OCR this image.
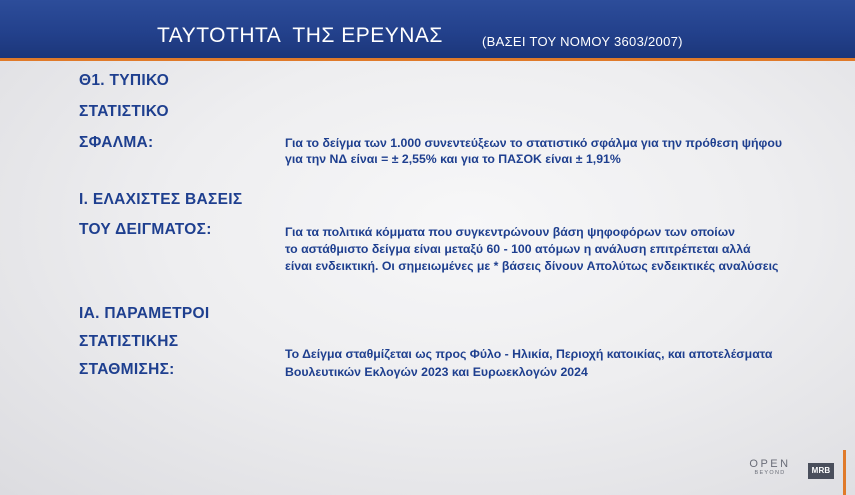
ΤΑΥΤΟΤΗΤΑ  ΤΗΣ ΕΡΕΥΝΑΣ	(ΒΑΣΕΙ ΤΟΥ ΝΟΜΟΥ 3603/2007)
Θ1. ΤΥΠΙΚΟ
ΣΤΑΤΙΣΤΙΚΟ
ΣΦΑΛΜΑ:	Για το δείγμα των 1.000 συνεντεύξεων το στατιστικό σφάλμα για την πρόθεση ψήφου
για την ΝΔ είναι = ± 2,55% και για το ΠΑΣΟΚ είναι ± 1,91%
Ι. ΕΛΑΧΙΣΤΕΣ ΒΑΣΕΙΣ
ΤΟΥ ΔΕΙΓΜΑΤΟΣ:	Για τα πολιτικά κόμματα που συγκεντρώνουν βάση ψηφοφόρων των οποίων
το αστάθμιστο δείγμα είναι μεταξύ 60 - 100 ατόμων η ανάλυση επιτρέπεται αλλά
είναι ενδεικτική. Οι σημειωμένες με * βάσεις δίνουν Απολύτως ενδεικτικές αναλύσεις
ΙΑ. ΠΑΡΑΜΕΤΡΟΙ
ΣΤΑΤΙΣΤΙΚΗΣ
ΣΤΑΘΜΙΣΗΣ:
Το Δείγμα σταθμίζεται ως προς Φύλο - Ηλικία, Περιοχή κατοικίας, και αποτελέσματα
Βουλευτικών Εκλογών 2023 και Ευρωεκλογών 2024
OPEN
BEYOND	MRB
